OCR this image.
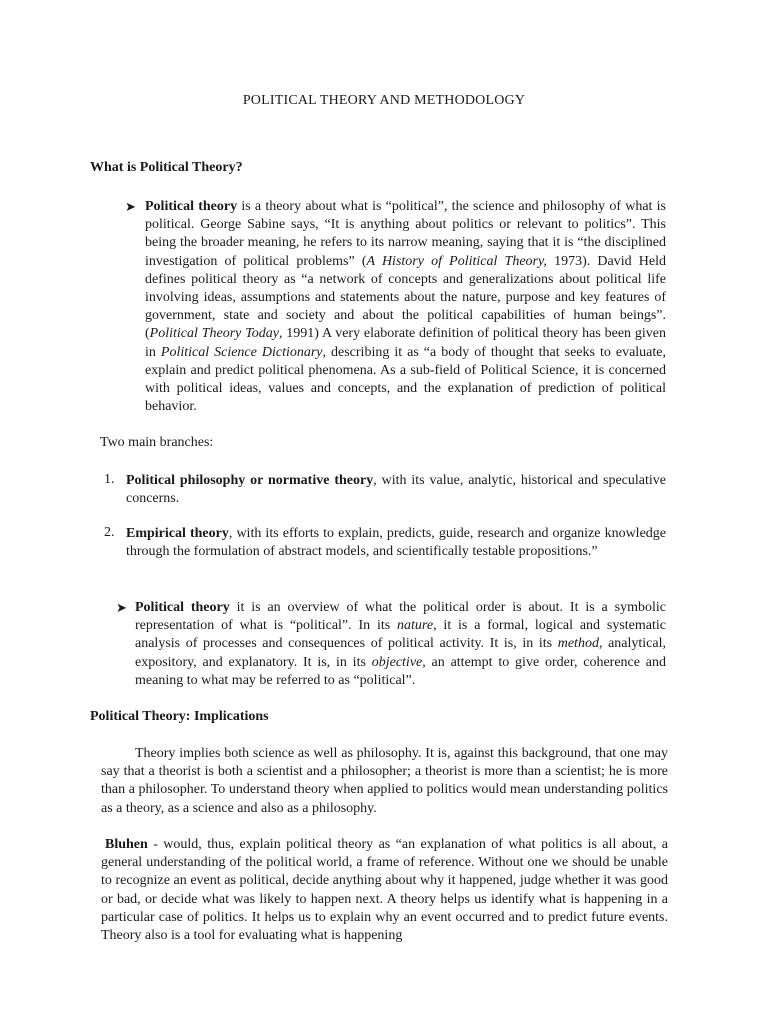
POLITICAL THEORY AND METHODOLOGY
What is Political Theory?
➤ Political theory is a theory about what is “political”, the science and philosophy of what is political. George Sabine says, “It is anything about politics or relevant to politics”. This being the broader meaning, he refers to its narrow meaning, saying that it is “the disciplined investigation of political problems” (A History of Political Theory, 1973). David Held defines political theory as “a network of concepts and generalizations about political life involving ideas, assumptions and statements about the nature, purpose and key features of government, state and society and about the political capabilities of human beings”. (Political Theory Today, 1991) A very elaborate definition of political theory has been given in Political Science Dictionary, describing it as “a body of thought that seeks to evaluate, explain and predict political phenomena. As a sub-field of Political Science, it is concerned with political ideas, values and concepts, and the explanation of prediction of political behavior.
Two main branches:
1. Political philosophy or normative theory, with its value, analytic, historical and speculative concerns.
2. Empirical theory, with its efforts to explain, predicts, guide, research and organize knowledge through the formulation of abstract models, and scientifically testable propositions.”
➤ Political theory it is an overview of what the political order is about. It is a symbolic representation of what is “political”. In its nature, it is a formal, logical and systematic analysis of processes and consequences of political activity. It is, in its method, analytical, expository, and explanatory. It is, in its objective, an attempt to give order, coherence and meaning to what may be referred to as “political”.
Political Theory: Implications
Theory implies both science as well as philosophy. It is, against this background, that one may say that a theorist is both a scientist and a philosopher; a theorist is more than a scientist; he is more than a philosopher. To understand theory when applied to politics would mean understanding politics as a theory, as a science and also as a philosophy.
Bluhen - would, thus, explain political theory as “an explanation of what politics is all about, a general understanding of the political world, a frame of reference. Without one we should be unable to recognize an event as political, decide anything about why it happened, judge whether it was good or bad, or decide what was likely to happen next. A theory helps us identify what is happening in a particular case of politics. It helps us to explain why an event occurred and to predict future events. Theory also is a tool for evaluating what is happening
